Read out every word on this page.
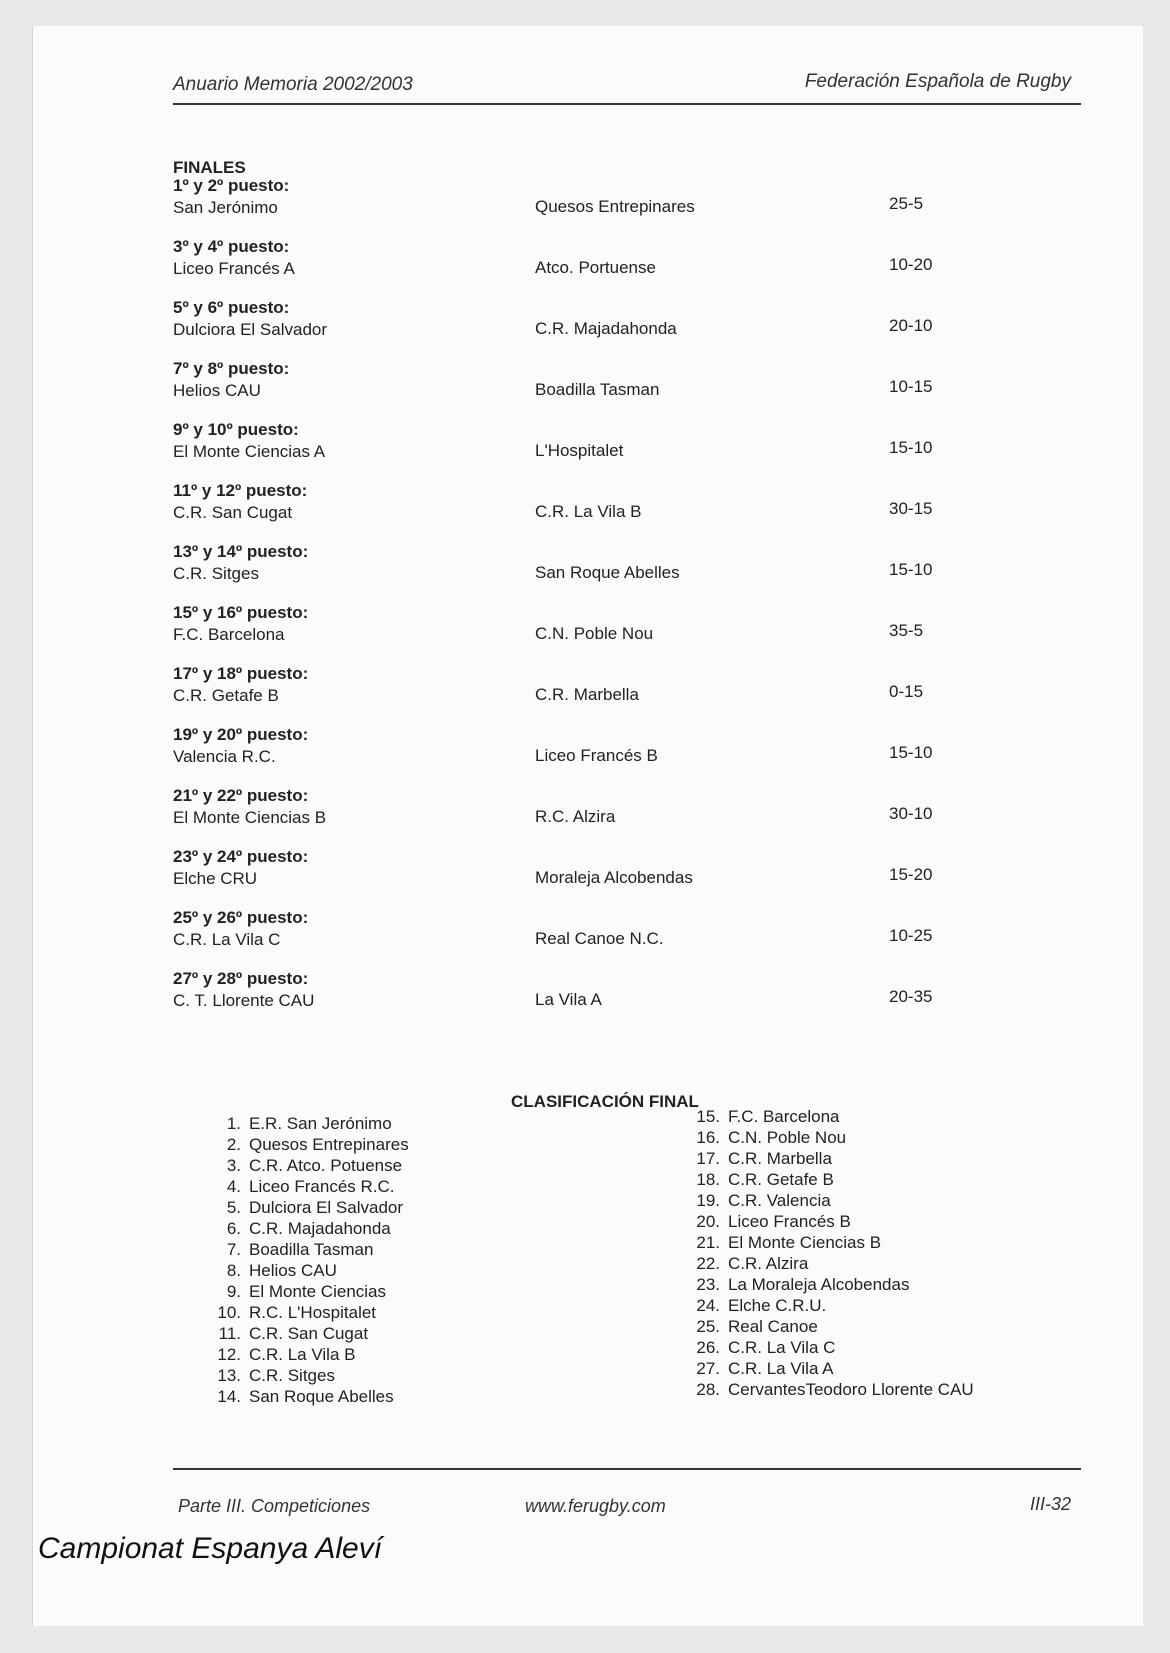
Anuario Memoria 2002/2003	Federación Española de Rugby
FINALES
1º y 2º puesto:
San Jerónimo	Quesos Entrepinares	25-5
3º y 4º puesto:
Liceo Francés A	Atco. Portuense	10-20
5º y 6º puesto:
Dulciora El Salvador	C.R. Majadahonda	20-10
7º y 8º puesto:
Helios CAU	Boadilla Tasman	10-15
9º y 10º puesto:
El Monte Ciencias A	L'Hospitalet	15-10
11º y 12º puesto:
C.R. San Cugat	C.R. La Vila B	30-15
13º y 14º puesto:
C.R. Sitges	San Roque Abelles	15-10
15º y 16º puesto:
F.C. Barcelona	C.N. Poble Nou	35-5
17º y 18º puesto:
C.R. Getafe B	C.R. Marbella	0-15
19º y 20º puesto:
Valencia R.C.	Liceo Francés B	15-10
21º y 22º puesto:
El Monte Ciencias B	R.C. Alzira	30-10
23º y 24º puesto:
Elche CRU	Moraleja Alcobendas	15-20
25º y 26º puesto:
C.R. La Vila C	Real Canoe N.C.	10-25
27º y 28º puesto:
C. T. Llorente CAU	La Vila A	20-35
CLASIFICACIÓN FINAL
1. E.R. San Jerónimo
2. Quesos Entrepinares
3. C.R. Atco. Potuense
4. Liceo Francés R.C.
5. Dulciora El Salvador
6. C.R. Majadahonda
7. Boadilla Tasman
8. Helios CAU
9. El Monte Ciencias
10. R.C. L'Hospitalet
11. C.R. San Cugat
12. C.R. La Vila B
13. C.R. Sitges
14. San Roque Abelles
15. F.C. Barcelona
16. C.N. Poble Nou
17. C.R. Marbella
18. C.R. Getafe B
19. C.R. Valencia
20. Liceo Francés B
21. El Monte Ciencias B
22. C.R. Alzira
23. La Moraleja Alcobendas
24. Elche C.R.U.
25. Real Canoe
26. C.R. La Vila C
27. C.R. La Vila A
28. CervantesTeodoro Llorente CAU
Parte III. Competiciones	www.ferugby.com	III-32
Campionat Espanya Aleví
